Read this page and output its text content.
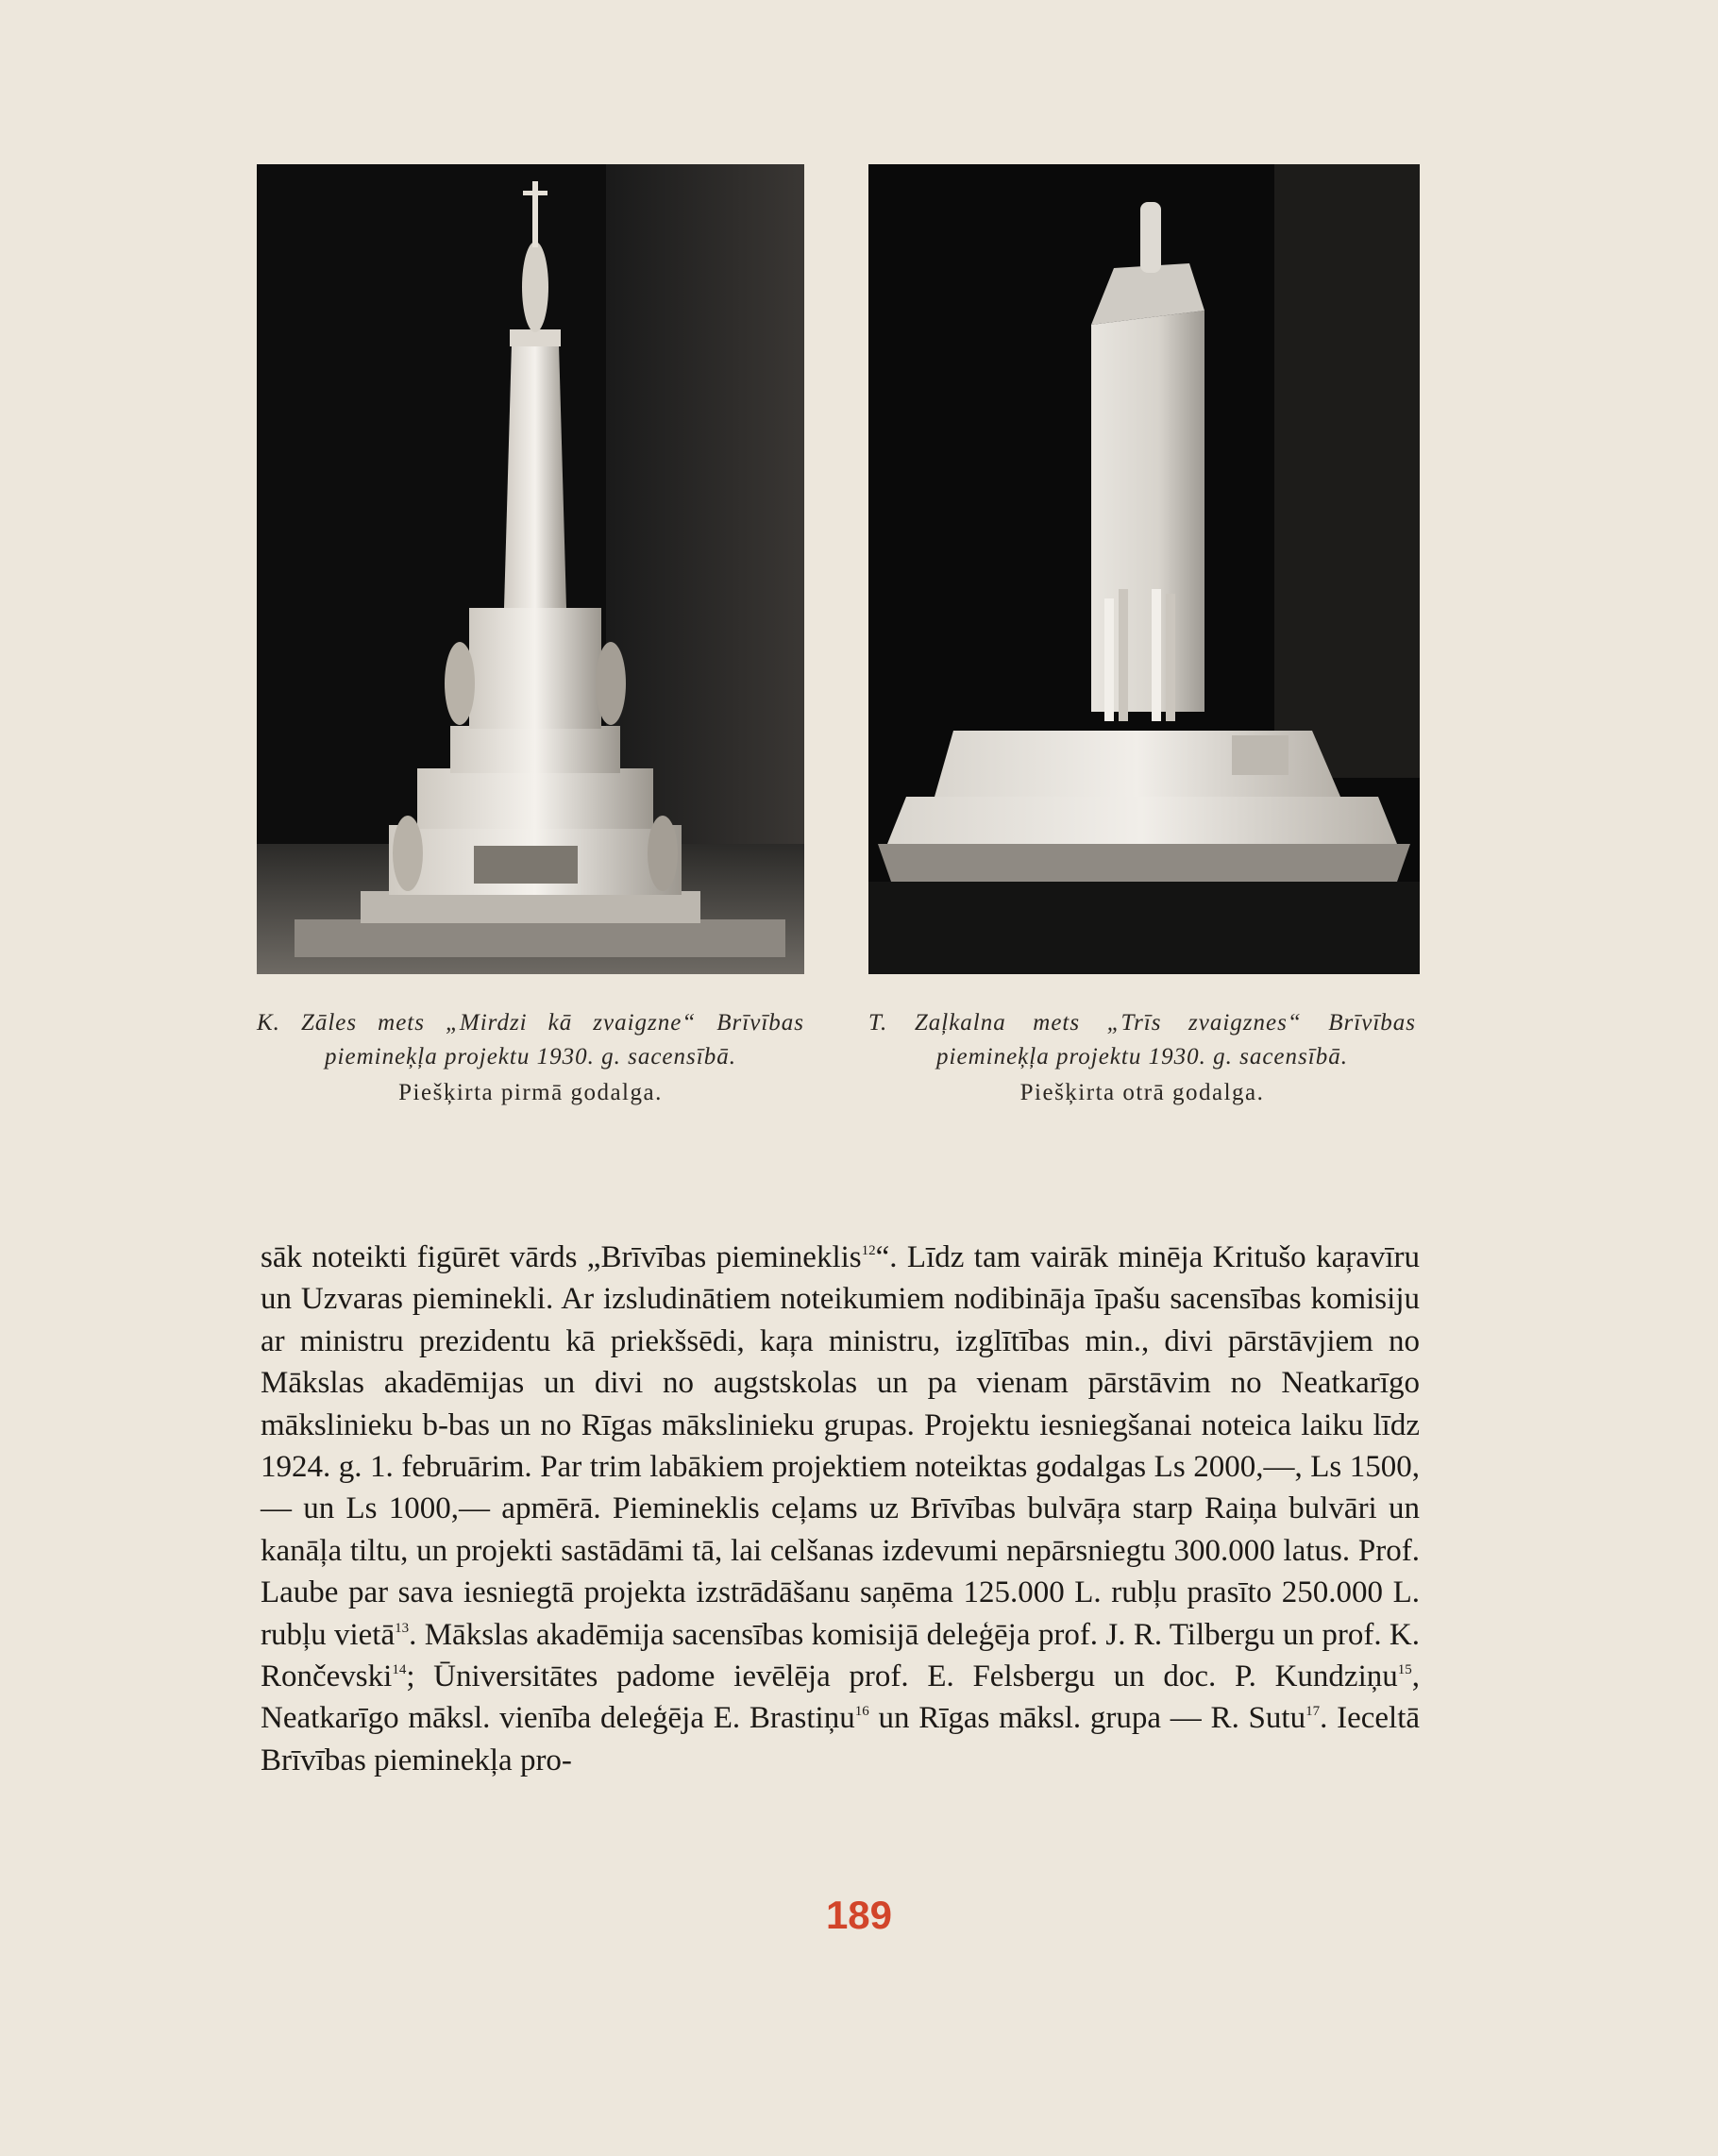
K. Zāles mets „Mirdzi kā zvaigzne“ Brīvības piemineķļa projektu 1930. g. sacensībā.
Piešķirta pirmā godalga.
T. Zaļkalna mets „Trīs zvaigznes“ Brīvības piemineķļa projektu 1930. g. sacensībā.
Piešķirta otrā godalga.

sāk noteikti figūrēt vārds „Brīvības piemineklis$^{12}$“. Līdz tam vairāk minēja Kritušo kaŗavīru un Uzvaras pieminekli. Ar izsludinātiem noteikumiem nodibināja īpašu sacensības komisiju ar ministru prezidentu kā priekšsēdi, kaŗa ministru, izglītības min., divi pārstāvjiem no Mākslas akadēmijas un divi no augstskolas un pa vienam pārstāvim no Neatkarīgo mākslinieku b-bas un no Rīgas mākslinieku grupas. Projektu iesniegšanai noteica laiku līdz 1924. g. 1. februārim. Par trim labākiem projektiem noteiktas godalgas Ls 2000,—, Ls 1500,— un Ls 1000,— apmērā. Piemineklis ceļams uz Brīvības bulvāŗa starp Raiņa bulvāri un kanāļa tiltu, un projekti sastādāmi tā, lai celšanas izdevumi nepārsniegtu 300.000 latus. Prof. Laube par sava iesniegtā projekta izstrādāšanu saņēma 125.000 L. rubļu prasīto 250.000 L. rubļu vietā$^{13}$. Mākslas akadēmija sacensības komisijā deleģēja prof. J. R. Tilbergu un prof. K. Rončevski$^{14}$; Ūniversitātes padome ievēlēja prof. E. Felsbergu un doc. P. Kundziņu$^{15}$, Neatkarīgo māksl. vienība deleģēja E. Brastiņu$^{16}$ un Rīgas māksl. grupa — R. Sutu$^{17}$. Ieceltā Brīvības pieminekļa pro-

189
